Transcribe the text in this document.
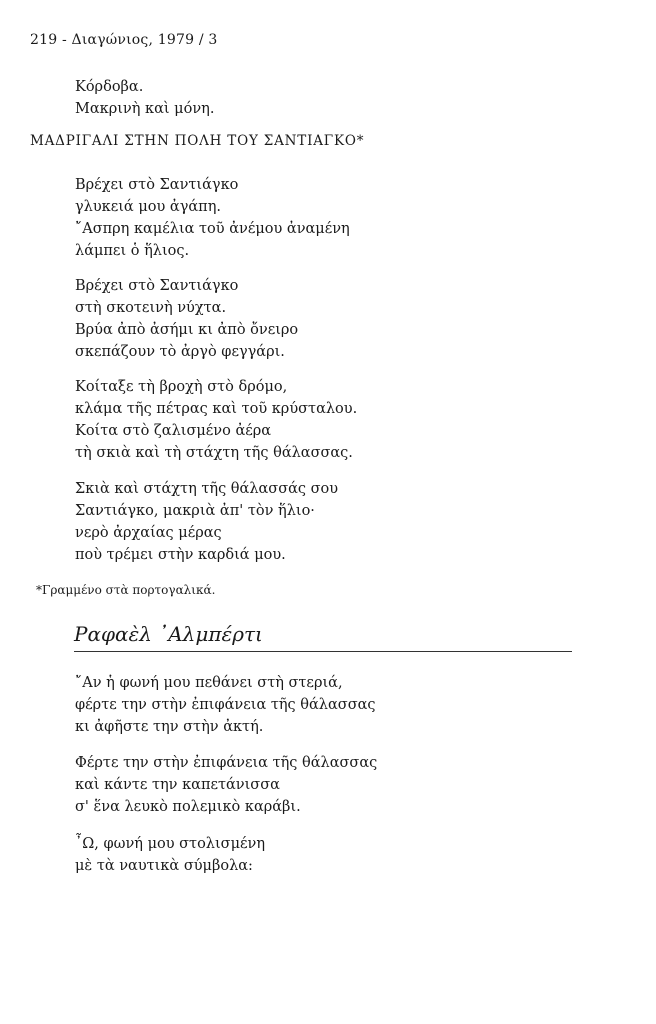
219 - Διαγώνιος, 1979 / 3
Κόρδοβα.
Μακρινὴ καὶ μόνη.
ΜΑΔΡΙΓΑΛΙ ΣΤΗΝ ΠΟΛΗ ΤΟΥ ΣΑΝΤΙΑΓΚΟ*
Βρέχει στὸ Σαντιάγκο
γλυκειά μου ἀγάπη.
῎Ασπρη καμέλια τοῦ ἀνέμου ἀναμένη
λάμπει ὁ ἥλιος.
Βρέχει στὸ Σαντιάγκο
στὴ σκοτεινὴ νύχτα.
Βρύα ἀπὸ ἀσήμι κι ἀπὸ ὄνειρο
σκεπάζουν τὸ ἀργὸ φεγγάρι.
Κοίταξε τὴ βροχὴ στὸ δρόμο,
κλάμα τῆς πέτρας καὶ τοῦ κρύσταλου.
Κοίτα στὸ ζαλισμένο ἀέρα
τὴ σκιὰ καὶ τὴ στάχτη τῆς θάλασσας.
Σκιὰ καὶ στάχτη τῆς θάλασσάς σου
Σαντιάγκο, μακριὰ ἀπ' τὸν ἥλιο·
νερὸ ἀρχαίας μέρας
ποὺ τρέμει στὴν καρδιά μου.
*Γραμμένο στὰ πορτογαλικά.
Ραφαὲλ ᾿Αλμπέρτι
῎Αν ἡ φωνή μου πεθάνει στὴ στεριά,
φέρτε την στὴν ἐπιφάνεια τῆς θάλασσας
κι ἀφῆστε την στὴν ἀκτή.
Φέρτε την στὴν ἐπιφάνεια τῆς θάλασσας
καὶ κάντε την καπετάνισσα
σ' ἕνα λευκὸ πολεμικὸ καράβι.
῏Ω, φωνή μου στολισμένη
μὲ τὰ ναυτικὰ σύμβολα:
